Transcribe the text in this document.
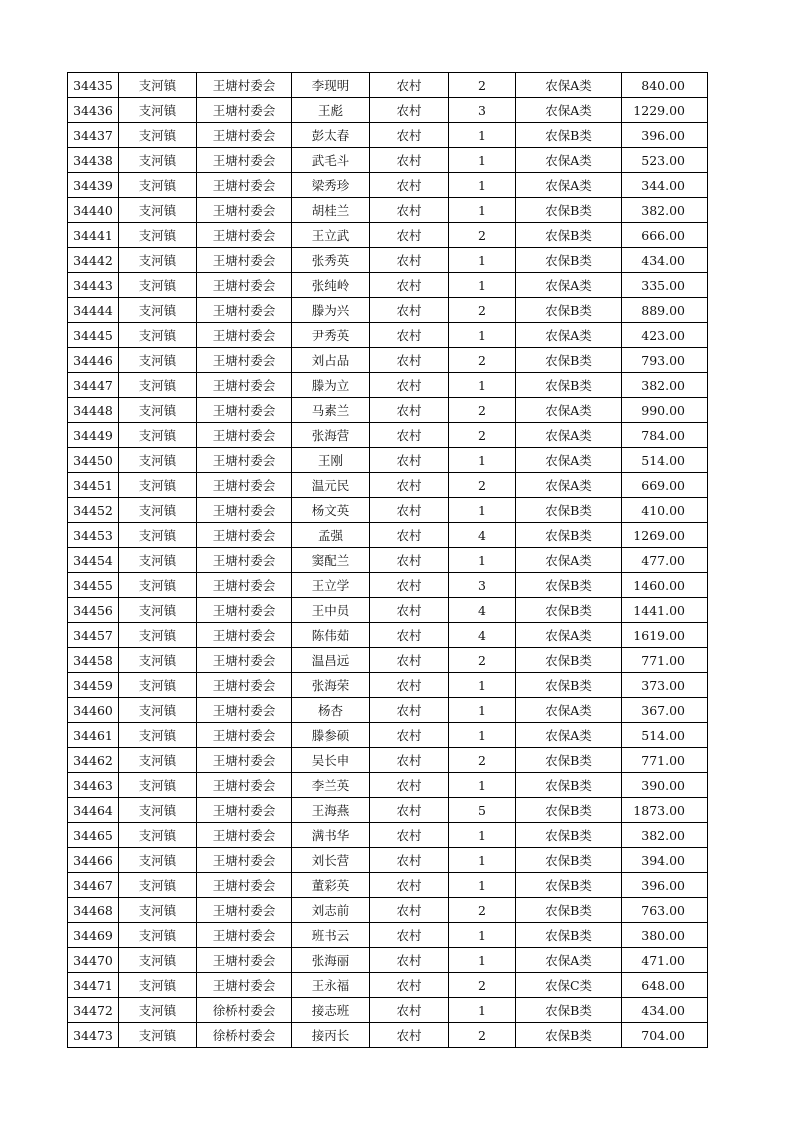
34435	支河镇	王塘村委会	李现明	农村	2	农保A类	840.00
34436	支河镇	王塘村委会	王彪	农村	3	农保A类	1229.00
34437	支河镇	王塘村委会	彭太春	农村	1	农保B类	396.00
34438	支河镇	王塘村委会	武毛斗	农村	1	农保A类	523.00
34439	支河镇	王塘村委会	梁秀珍	农村	1	农保A类	344.00
34440	支河镇	王塘村委会	胡桂兰	农村	1	农保B类	382.00
34441	支河镇	王塘村委会	王立武	农村	2	农保B类	666.00
34442	支河镇	王塘村委会	张秀英	农村	1	农保B类	434.00
34443	支河镇	王塘村委会	张纯岭	农村	1	农保A类	335.00
34444	支河镇	王塘村委会	滕为兴	农村	2	农保B类	889.00
34445	支河镇	王塘村委会	尹秀英	农村	1	农保A类	423.00
34446	支河镇	王塘村委会	刘占品	农村	2	农保B类	793.00
34447	支河镇	王塘村委会	滕为立	农村	1	农保B类	382.00
34448	支河镇	王塘村委会	马素兰	农村	2	农保A类	990.00
34449	支河镇	王塘村委会	张海营	农村	2	农保A类	784.00
34450	支河镇	王塘村委会	王刚	农村	1	农保A类	514.00
34451	支河镇	王塘村委会	温元民	农村	2	农保A类	669.00
34452	支河镇	王塘村委会	杨文英	农村	1	农保B类	410.00
34453	支河镇	王塘村委会	孟强	农村	4	农保B类	1269.00
34454	支河镇	王塘村委会	窦配兰	农村	1	农保A类	477.00
34455	支河镇	王塘村委会	王立学	农村	3	农保B类	1460.00
34456	支河镇	王塘村委会	王中员	农村	4	农保B类	1441.00
34457	支河镇	王塘村委会	陈伟茹	农村	4	农保A类	1619.00
34458	支河镇	王塘村委会	温昌远	农村	2	农保B类	771.00
34459	支河镇	王塘村委会	张海荣	农村	1	农保B类	373.00
34460	支河镇	王塘村委会	杨杏	农村	1	农保A类	367.00
34461	支河镇	王塘村委会	滕参硕	农村	1	农保A类	514.00
34462	支河镇	王塘村委会	吴长申	农村	2	农保B类	771.00
34463	支河镇	王塘村委会	李兰英	农村	1	农保B类	390.00
34464	支河镇	王塘村委会	王海燕	农村	5	农保B类	1873.00
34465	支河镇	王塘村委会	满书华	农村	1	农保B类	382.00
34466	支河镇	王塘村委会	刘长营	农村	1	农保B类	394.00
34467	支河镇	王塘村委会	董彩英	农村	1	农保B类	396.00
34468	支河镇	王塘村委会	刘志前	农村	2	农保B类	763.00
34469	支河镇	王塘村委会	班书云	农村	1	农保B类	380.00
34470	支河镇	王塘村委会	张海丽	农村	1	农保A类	471.00
34471	支河镇	王塘村委会	王永福	农村	2	农保C类	648.00
34472	支河镇	徐桥村委会	接志班	农村	1	农保B类	434.00
34473	支河镇	徐桥村委会	接丙长	农村	2	农保B类	704.00
